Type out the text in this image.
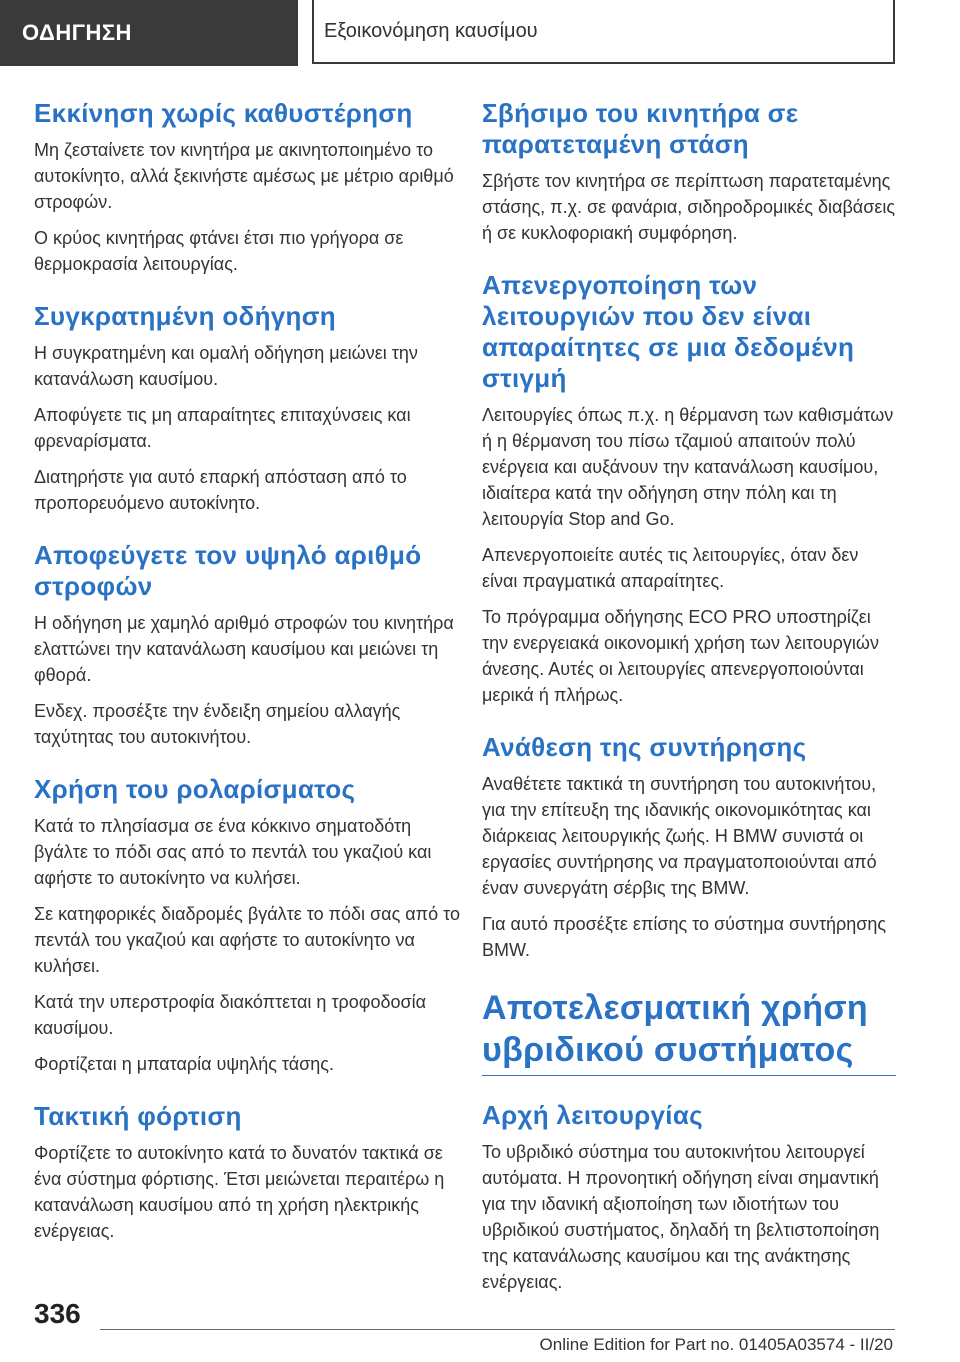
ΟΔΗΓΗΣΗ	Εξοικονόμηση καυσίμου
Εκκίνηση χωρίς καθυστέρηση

Μη ζεσταίνετε τον κινητήρα με ακινητοποιημένο το αυτοκίνητο, αλλά ξεκινήστε αμέσως με μέτριο αριθμό στροφών.

Ο κρύος κινητήρας φτάνει έτσι πιο γρήγορα σε θερμοκρασία λειτουργίας.

Συγκρατημένη οδήγηση

Η συγκρατημένη και ομαλή οδήγηση μειώνει την κατανάλωση καυσίμου.

Αποφύγετε τις μη απαραίτητες επιταχύνσεις και φρεναρίσματα.

Διατηρήστε για αυτό επαρκή απόσταση από το προπορευόμενο αυτοκίνητο.

Αποφεύγετε τον υψηλό αριθμό στροφών

Η οδήγηση με χαμηλό αριθμό στροφών του κινητήρα ελαττώνει την κατανάλωση καυσίμου και μειώνει τη φθορά.

Ενδεχ. προσέξτε την ένδειξη σημείου αλλαγής ταχύτητας του αυτοκινήτου.

Χρήση του ρολαρίσματος

Κατά το πλησίασμα σε ένα κόκκινο σηματοδότη βγάλτε το πόδι σας από το πεντάλ του γκαζιού και αφήστε το αυτοκίνητο να κυλήσει.

Σε κατηφορικές διαδρομές βγάλτε το πόδι σας από το πεντάλ του γκαζιού και αφήστε το αυτοκίνητο να κυλήσει.

Κατά την υπερστροφία διακόπτεται η τροφοδοσία καυσίμου.

Φορτίζεται η μπαταρία υψηλής τάσης.

Τακτική φόρτιση

Φορτίζετε το αυτοκίνητο κατά το δυνατόν τακτικά σε ένα σύστημα φόρτισης. Έτσι μειώνεται περαιτέρω η κατανάλωση καυσίμου από τη χρήση ηλεκτρικής ενέργειας.

Σβήσιμο του κινητήρα σε παρατεταμένη στάση

Σβήστε τον κινητήρα σε περίπτωση παρατεταμένης στάσης, π.χ. σε φανάρια, σιδηροδρομικές διαβάσεις ή σε κυκλοφοριακή συμφόρηση.

Απενεργοποίηση των λειτουργιών που δεν είναι απαραίτητες σε μια δεδομένη στιγμή

Λειτουργίες όπως π.χ. η θέρμανση των καθισμάτων ή η θέρμανση του πίσω τζαμιού απαιτούν πολύ ενέργεια και αυξάνουν την κατανάλωση καυσίμου, ιδιαίτερα κατά την οδήγηση στην πόλη και τη λειτουργία Stop and Go.

Απενεργοποιείτε αυτές τις λειτουργίες, όταν δεν είναι πραγματικά απαραίτητες.

Το πρόγραμμα οδήγησης ECO PRO υποστηρίζει την ενεργειακά οικονομική χρήση των λειτουργιών άνεσης. Αυτές οι λειτουργίες απενεργοποιούνται μερικά ή πλήρως.

Ανάθεση της συντήρησης

Αναθέτετε τακτικά τη συντήρηση του αυτοκινήτου, για την επίτευξη της ιδανικής οικονομικότητας και διάρκειας λειτουργικής ζωής. Η BMW συνιστά οι εργασίες συντήρησης να πραγματοποιούνται από έναν συνεργάτη σέρβις της BMW.

Για αυτό προσέξτε επίσης το σύστημα συντήρησης BMW.

Αποτελεσματική χρήση υβριδικού συστήματος
Αρχή λειτουργίας

Το υβριδικό σύστημα του αυτοκινήτου λειτουργεί αυτόματα. Η προνοητική οδήγηση είναι σημαντική για την ιδανική αξιοποίηση των ιδιοτήτων του υβριδικού συστήματος, δηλαδή τη βελτιστοποίηση της κατανάλωσης καυσίμου και της ανάκτησης ενέργειας.

336
Online Edition for Part no. 01405A03574 - II/20
